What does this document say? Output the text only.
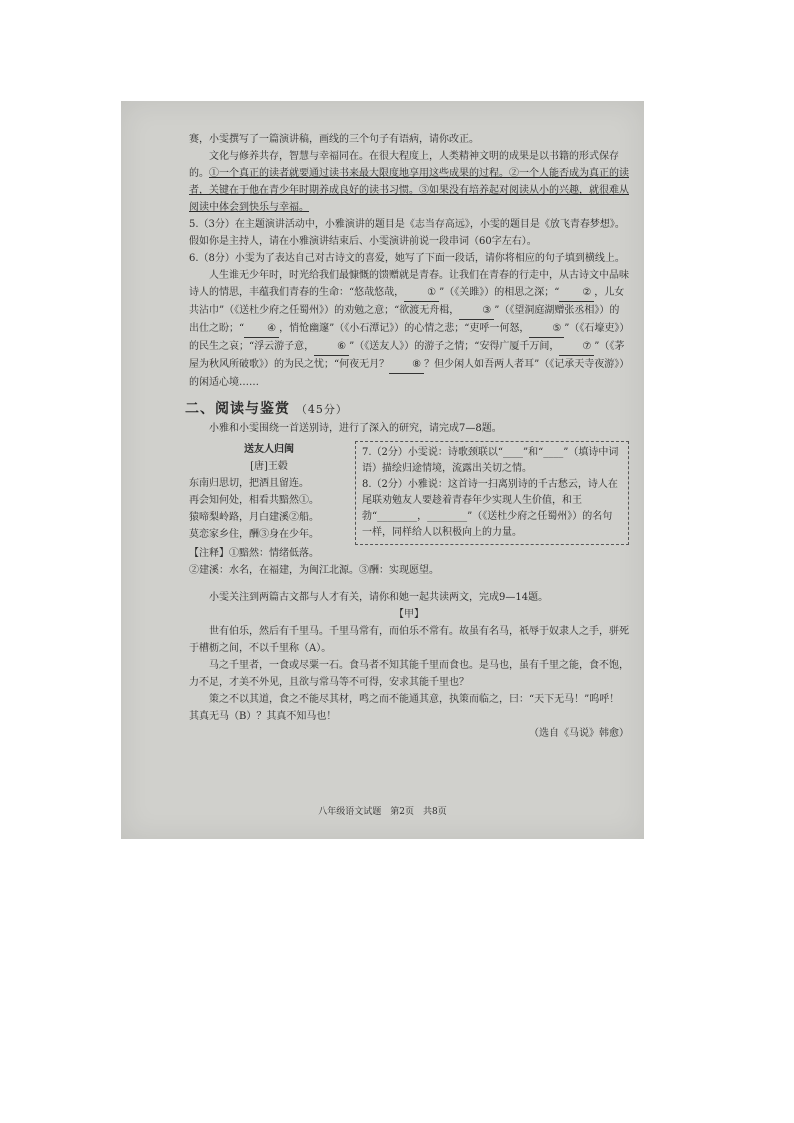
赛，小雯撰写了一篇演讲稿，画线的三个句子有语病，请你改正。

文化与修养共存，智慧与幸福同在。在很大程度上，人类精神文明的成果是以书籍的形式保存的。①一个真正的读者就要通过读书来最大限度地享用这些成果的过程。②一个人能否成为真正的读者，关键在于他在青少年时期养成良好的读书习惯。③如果没有培养起对阅读从小的兴趣，就很难从阅读中体会到快乐与幸福。

5.（3分）在主题演讲活动中，小雅演讲的题目是《志当存高远》，小雯的题目是《放飞青春梦想》。假如你是主持人，请在小雅演讲结束后、小雯演讲前说一段串词（60字左右）。

6.（8分）小雯为了表达自己对古诗文的喜爱，她写了下面一段话，请你将相应的句子填到横线上。

人生谁无少年时，时光给我们最慷慨的馈赠就是青春。让我们在青春的行走中，从古诗文中品味诗人的情思，丰蕴我们青春的生命：“悠哉悠哉， ① ”（《关雎》）的相思之深；“ ② ，儿女共沾巾”（《送杜少府之任蜀州》）的劝勉之意；“欲渡无舟楫， ③ ”（《望洞庭湖赠张丞相》）的出仕之盼；“ ④ ，悄怆幽邃”（《小石潭记》）的心情之悲；“吏呼一何怒， ⑤ ”（《石壕吏》）的民生之哀；“浮云游子意， ⑥ ”（《送友人》）的游子之情；“安得广厦千万间， ⑦ ”（《茅屋为秋风所破歌》）的为民之忧；“何夜无月？ ⑧ ？但少闲人如吾两人者耳”（《记承天寺夜游》）的闲适心境……

二、阅读与鉴赏 （45分）

小雅和小雯围绕一首送别诗，进行了深入的研究，请完成7—8题。

送友人归闽

[唐]王毂

东南归思切，把酒且留连。

再会知何处，相看共黯然①。

猿啼梨岭路，月白建溪②船。

莫恋家乡住，酬③身在少年。

7.（2分）小雯说：诗歌颈联以“____”和“____”（填诗中词语）描绘归途情境，流露出关切之情。

8.（2分）小雅说：这首诗一扫离别诗的千古愁云，诗人在尾联劝勉友人要趁着青春年少实现人生价值，和王勃“________，________”（《送杜少府之任蜀州》）的名句一样，同样给人以积极向上的力量。

【注释】①黯然：情绪低落。

②建溪：水名，在福建，为闽江北源。③酬：实现愿望。

小雯关注到两篇古文都与人才有关，请你和她一起共读两文，完成9—14题。

【甲】

世有伯乐，然后有千里马。千里马常有，而伯乐不常有。故虽有名马，祇辱于奴隶人之手，骈死于槽枥之间，不以千里称（A）。

马之千里者，一食或尽粟一石。食马者不知其能千里而食也。是马也，虽有千里之能，食不饱，力不足，才美不外见，且欲与常马等不可得，安求其能千里也？

策之不以其道，食之不能尽其材，鸣之而不能通其意，执策而临之，曰：“天下无马！”呜呼！其真无马（B）？其真不知马也！

（选自《马说》韩愈）

八年级语文试题　第2页　共8页
